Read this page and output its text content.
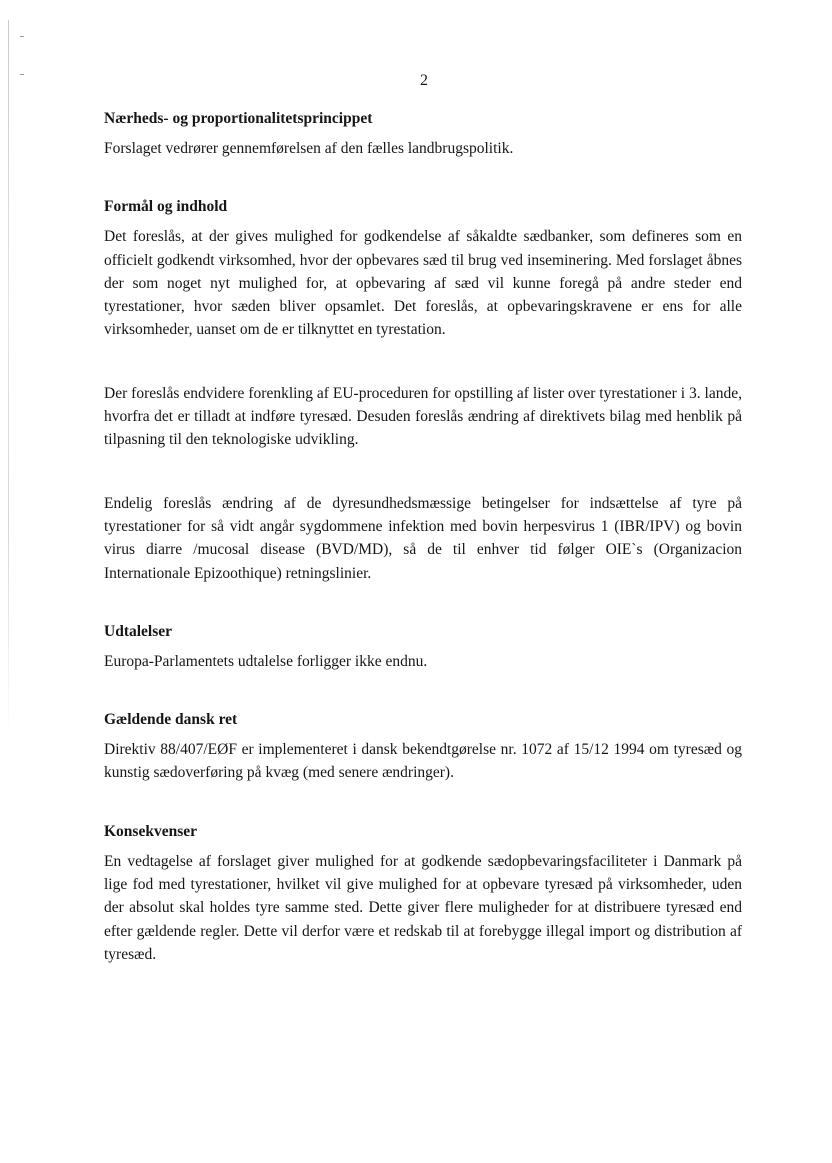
2
Nærheds- og proportionalitetsprincippet

Forslaget vedrører gennemførelsen af den fælles landbrugspolitik.

Formål og indhold

Det foreslås, at der gives mulighed for godkendelse af såkaldte sædbanker, som defineres som en officielt godkendt virksomhed, hvor der opbevares sæd til brug ved inseminering. Med forslaget åbnes der som noget nyt mulighed for, at opbevaring af sæd vil kunne foregå på andre steder end tyrestationer, hvor sæden bliver opsamlet. Det foreslås, at opbevaringskravene er ens for alle virksomheder, uanset om de er tilknyttet en tyrestation.

Der foreslås endvidere forenkling af EU-proceduren for opstilling af lister over tyrestationer i 3. lande, hvorfra det er tilladt at indføre tyresæd. Desuden foreslås ændring af direktivets bilag med henblik på tilpasning til den teknologiske udvikling.

Endelig foreslås ændring af de dyresundhedsmæssige betingelser for indsættelse af tyre på tyrestationer for så vidt angår sygdommene infektion med bovin herpesvirus 1 (IBR/IPV) og bovin virus diarre /mucosal disease (BVD/MD), så de til enhver tid følger OIE`s (Organizacion Internationale Epizoothique) retningslinier.

Udtalelser

Europa-Parlamentets udtalelse forligger ikke endnu.

Gældende dansk ret

Direktiv 88/407/EØF er implementeret i dansk bekendtgørelse nr. 1072 af 15/12 1994 om tyresæd og kunstig sædoverføring på kvæg (med senere ændringer).

Konsekvenser

En vedtagelse af forslaget giver mulighed for at godkende sædopbevaringsfaciliteter i Danmark på lige fod med tyrestationer, hvilket vil give mulighed for at opbevare tyresæd på virksomheder, uden der absolut skal holdes tyre samme sted. Dette giver flere muligheder for at distribuere tyresæd end efter gældende regler. Dette vil derfor være et redskab til at forebygge illegal import og distribution af tyresæd.
